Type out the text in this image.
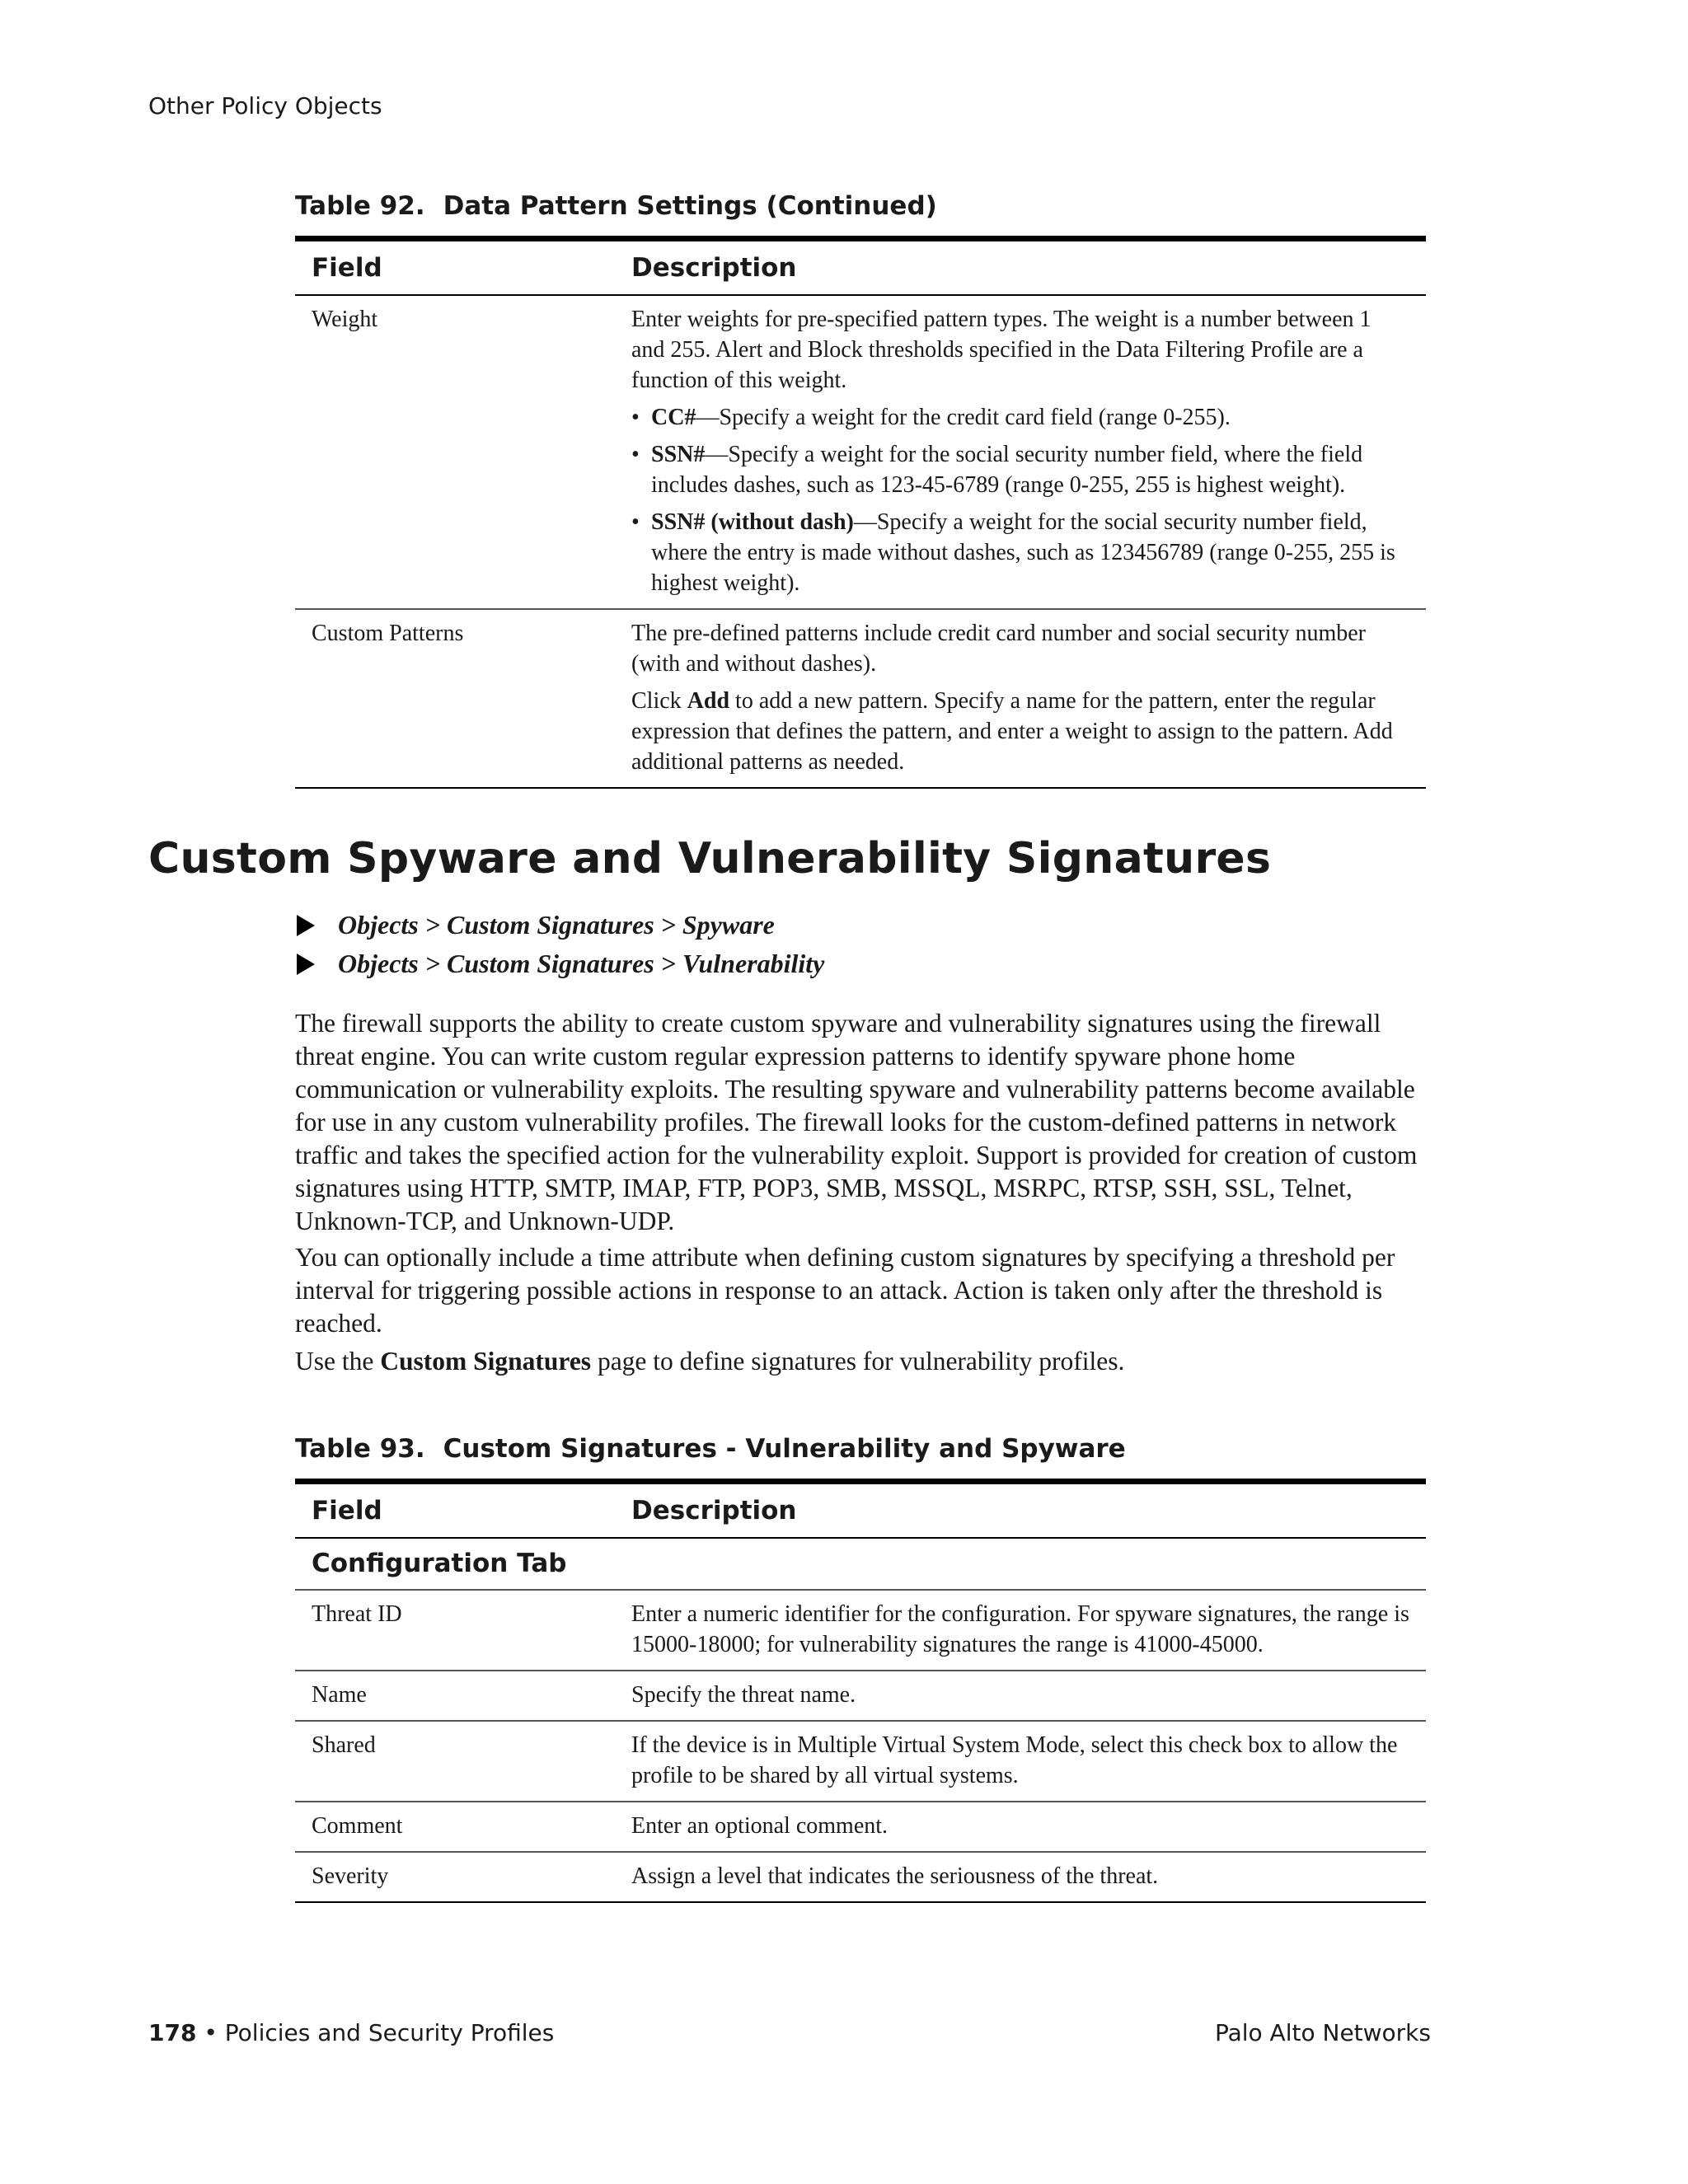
Other Policy Objects
Table 92. Data Pattern Settings (Continued)
Field	Description
Weight	Enter weights for pre-specified pattern types. The weight is a number between 1 and 255. Alert and Block thresholds specified in the Data Filtering Profile are a function of this weight.

• CC#—Specify a weight for the credit card field (range 0-255).
• SSN#—Specify a weight for the social security number field, where the field includes dashes, such as 123-45-6789 (range 0-255, 255 is highest weight).
• SSN# (without dash)—Specify a weight for the social security number field, where the entry is made without dashes, such as 123456789 (range 0-255, 255 is highest weight).

Custom Patterns	The pre-defined patterns include credit card number and social security number (with and without dashes).

Click Add to add a new pattern. Specify a name for the pattern, enter the regular expression that defines the pattern, and enter a weight to assign to the pattern. Add additional patterns as needed.

Custom Spyware and Vulnerability Signatures
Objects > Custom Signatures > Spyware
Objects > Custom Signatures > Vulnerability

The firewall supports the ability to create custom spyware and vulnerability signatures using the firewall threat engine. You can write custom regular expression patterns to identify spyware phone home communication or vulnerability exploits. The resulting spyware and vulnerability patterns become available for use in any custom vulnerability profiles. The firewall looks for the custom-defined patterns in network traffic and takes the specified action for the vulnerability exploit. Support is provided for creation of custom signatures using HTTP, SMTP, IMAP, FTP, POP3, SMB, MSSQL, MSRPC, RTSP, SSH, SSL, Telnet, Unknown-TCP, and Unknown-UDP.

You can optionally include a time attribute when defining custom signatures by specifying a threshold per interval for triggering possible actions in response to an attack. Action is taken only after the threshold is reached.

Use the Custom Signatures page to define signatures for vulnerability profiles.

Table 93. Custom Signatures - Vulnerability and Spyware
Field	Description
Configuration Tab	
Threat ID	Enter a numeric identifier for the configuration. For spyware signatures, the range is 15000-18000; for vulnerability signatures the range is 41000-45000.
Name	Specify the threat name.
Shared	If the device is in Multiple Virtual System Mode, select this check box to allow the profile to be shared by all virtual systems.
Comment	Enter an optional comment.
Severity	Assign a level that indicates the seriousness of the threat.
178 • Policies and Security Profiles	Palo Alto Networks
